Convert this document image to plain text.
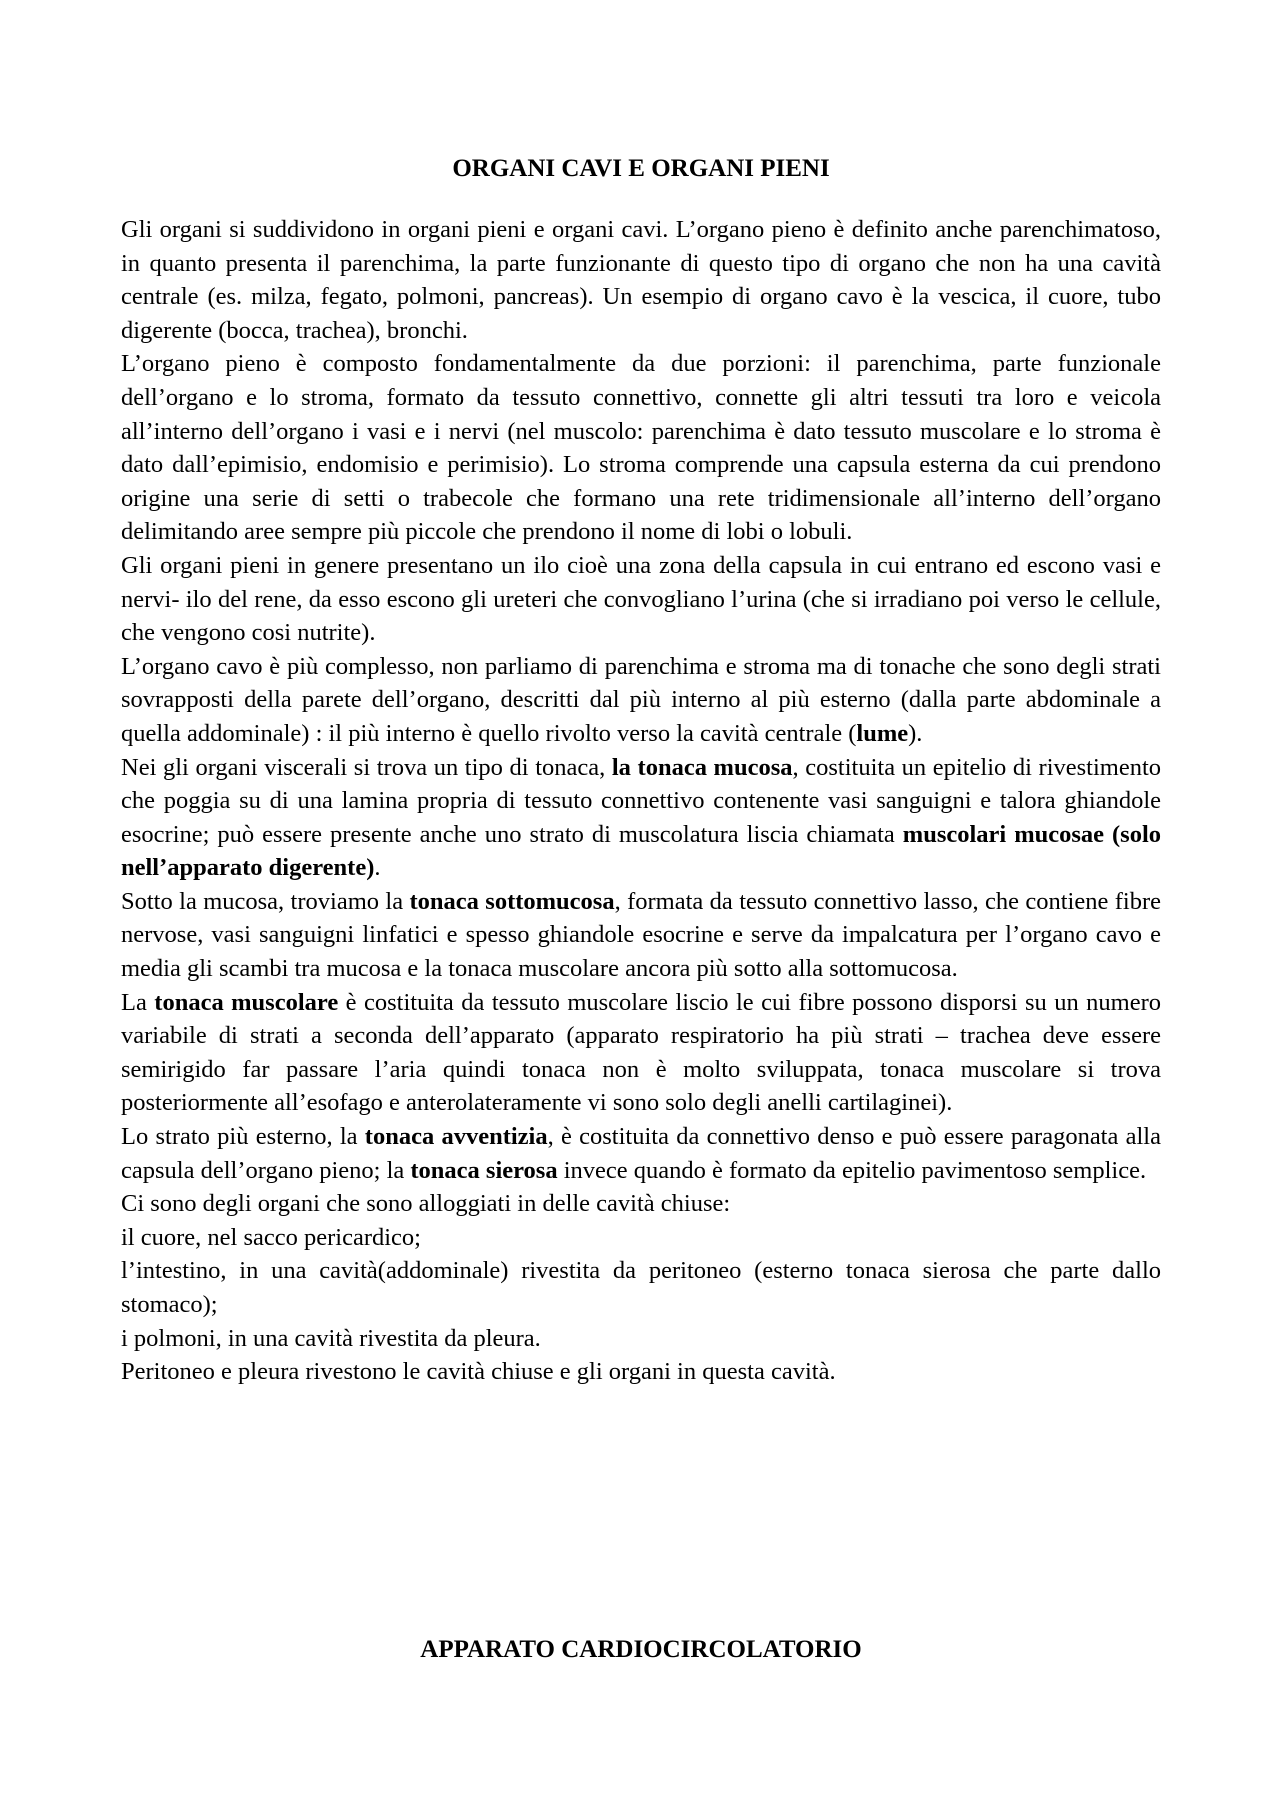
ORGANI CAVI E ORGANI PIENI

Gli organi si suddividono in organi pieni e organi cavi. L’organo pieno è definito anche parenchimatoso, in quanto presenta il parenchima, la parte funzionante di questo tipo di organo che non ha una cavità centrale (es. milza, fegato, polmoni, pancreas). Un esempio di organo cavo è la vescica, il cuore, tubo digerente (bocca, trachea), bronchi.

L’organo pieno è composto fondamentalmente da due porzioni: il parenchima, parte funzionale dell’organo e lo stroma, formato da tessuto connettivo, connette gli altri tessuti tra loro e veicola all’interno dell’organo i vasi e i nervi (nel muscolo: parenchima è dato tessuto muscolare e lo stroma è dato dall’epimisio, endomisio e perimisio). Lo stroma comprende una capsula esterna da cui prendono origine una serie di setti o trabecole che formano una rete tridimensionale all’interno dell’organo delimitando aree sempre più piccole che prendono il nome di lobi o lobuli.

Gli organi pieni in genere presentano un ilo cioè una zona della capsula in cui entrano ed escono vasi e nervi- ilo del rene, da esso escono gli ureteri che convogliano l’urina (che si irradiano poi verso le cellule, che vengono cosi nutrite).

L’organo cavo è più complesso, non parliamo di parenchima e stroma ma di tonache che sono degli strati sovrapposti della parete dell’organo, descritti dal più interno al più esterno (dalla parte abdominale a quella addominale) : il più interno è quello rivolto verso la cavità centrale (lume).

Nei gli organi viscerali si trova un tipo di tonaca, la tonaca mucosa, costituita un epitelio di rivestimento che poggia su di una lamina propria di tessuto connettivo contenente vasi sanguigni e talora ghiandole esocrine; può essere presente anche uno strato di muscolatura liscia chiamata muscolari mucosae (solo nell’apparato digerente).

Sotto la mucosa, troviamo la tonaca sottomucosa, formata da tessuto connettivo lasso, che contiene fibre nervose, vasi sanguigni linfatici e spesso ghiandole esocrine e serve da impalcatura per l’organo cavo e media gli scambi tra mucosa e la tonaca muscolare ancora più sotto alla sottomucosa.

La tonaca muscolare è costituita da tessuto muscolare liscio le cui fibre possono disporsi su un numero variabile di strati a seconda dell’apparato (apparato respiratorio ha più strati – trachea deve essere semirigido far passare l’aria quindi tonaca non è molto sviluppata, tonaca muscolare si trova posteriormente all’esofago e anterolateramente vi sono solo degli anelli cartilaginei).

Lo strato più esterno, la tonaca avventizia, è costituita da connettivo denso e può essere paragonata alla capsula dell’organo pieno; la tonaca sierosa invece quando è formato da epitelio pavimentoso semplice.

Ci sono degli organi che sono alloggiati in delle cavità chiuse:

il cuore, nel sacco pericardico;

l’intestino, in una cavità(addominale) rivestita da peritoneo (esterno tonaca sierosa che parte dallo stomaco);

i polmoni, in una cavità rivestita da pleura.

Peritoneo e pleura rivestono le cavità chiuse e gli organi in questa cavità.

APPARATO CARDIOCIRCOLATORIO
